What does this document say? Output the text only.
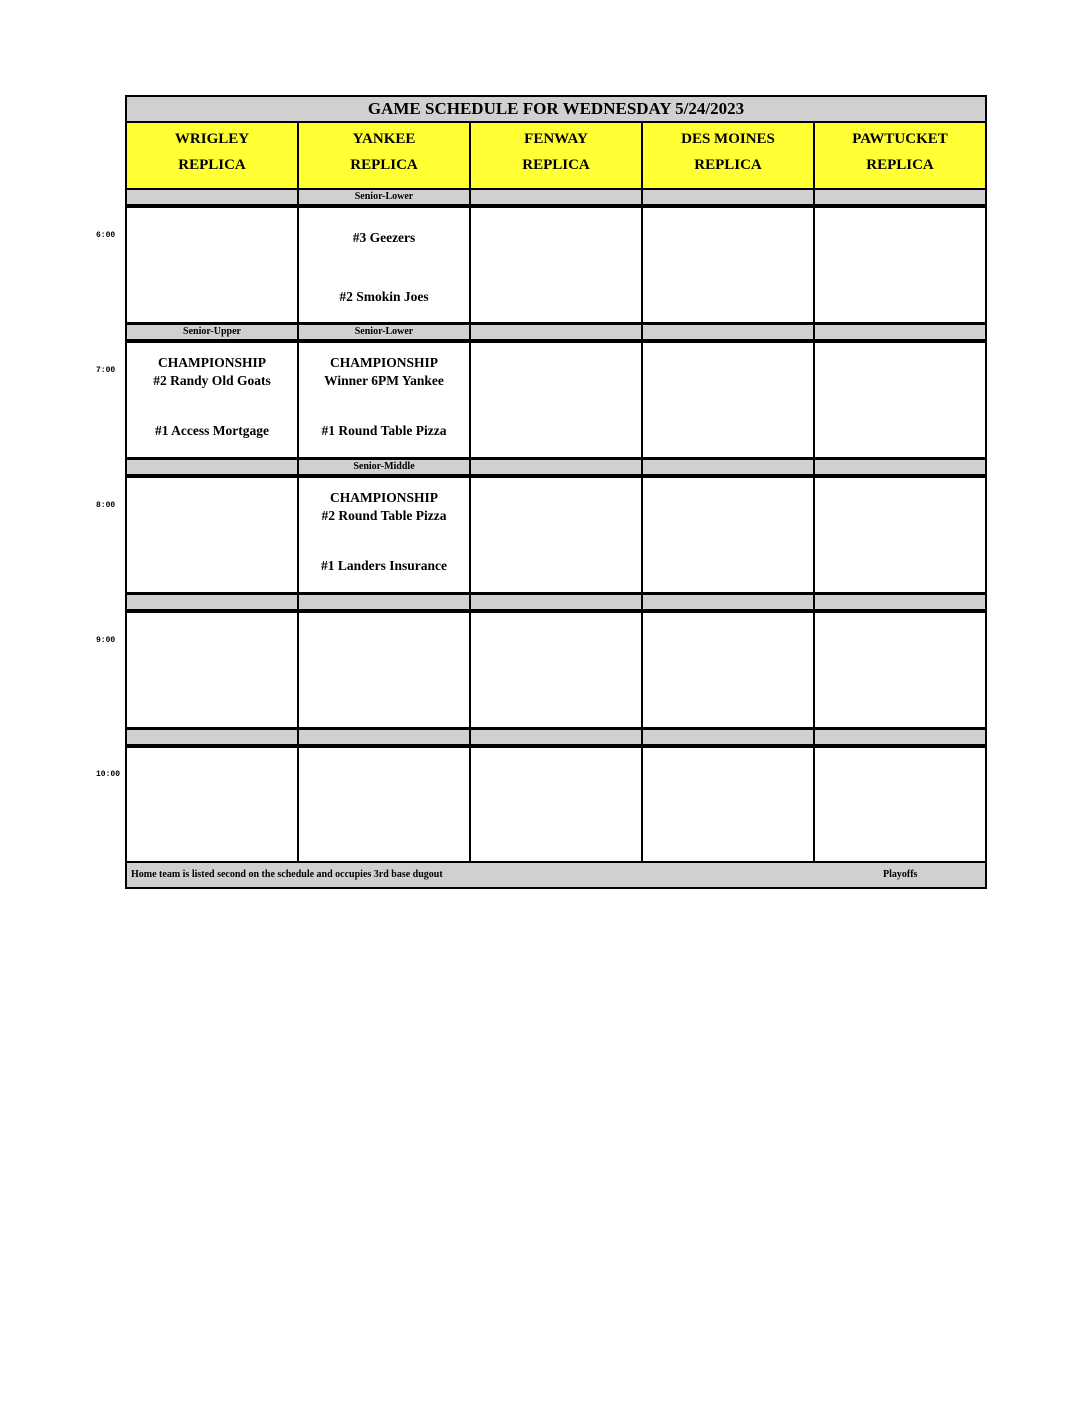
GAME SCHEDULE FOR WEDNESDAY 5/24/2023
WRIGLEY
REPLICA
YANKEE
REPLICA
FENWAY
REPLICA
DES MOINES
REPLICA
PAWTUCKET
REPLICA
Senior-Lower
#3 Geezers
#2 Smokin Joes
Senior-Upper	Senior-Lower
CHAMPIONSHIP
#2 Randy Old Goats
#1 Access Mortgage
CHAMPIONSHIP
Winner 6PM Yankee
#1 Round Table Pizza
Senior-Middle
CHAMPIONSHIP
#2 Round Table Pizza
#1 Landers Insurance
Home team is listed second on the schedule and occupies 3rd base dugout	Playoffs
6:00
7:00
8:00
9:00
10:00
